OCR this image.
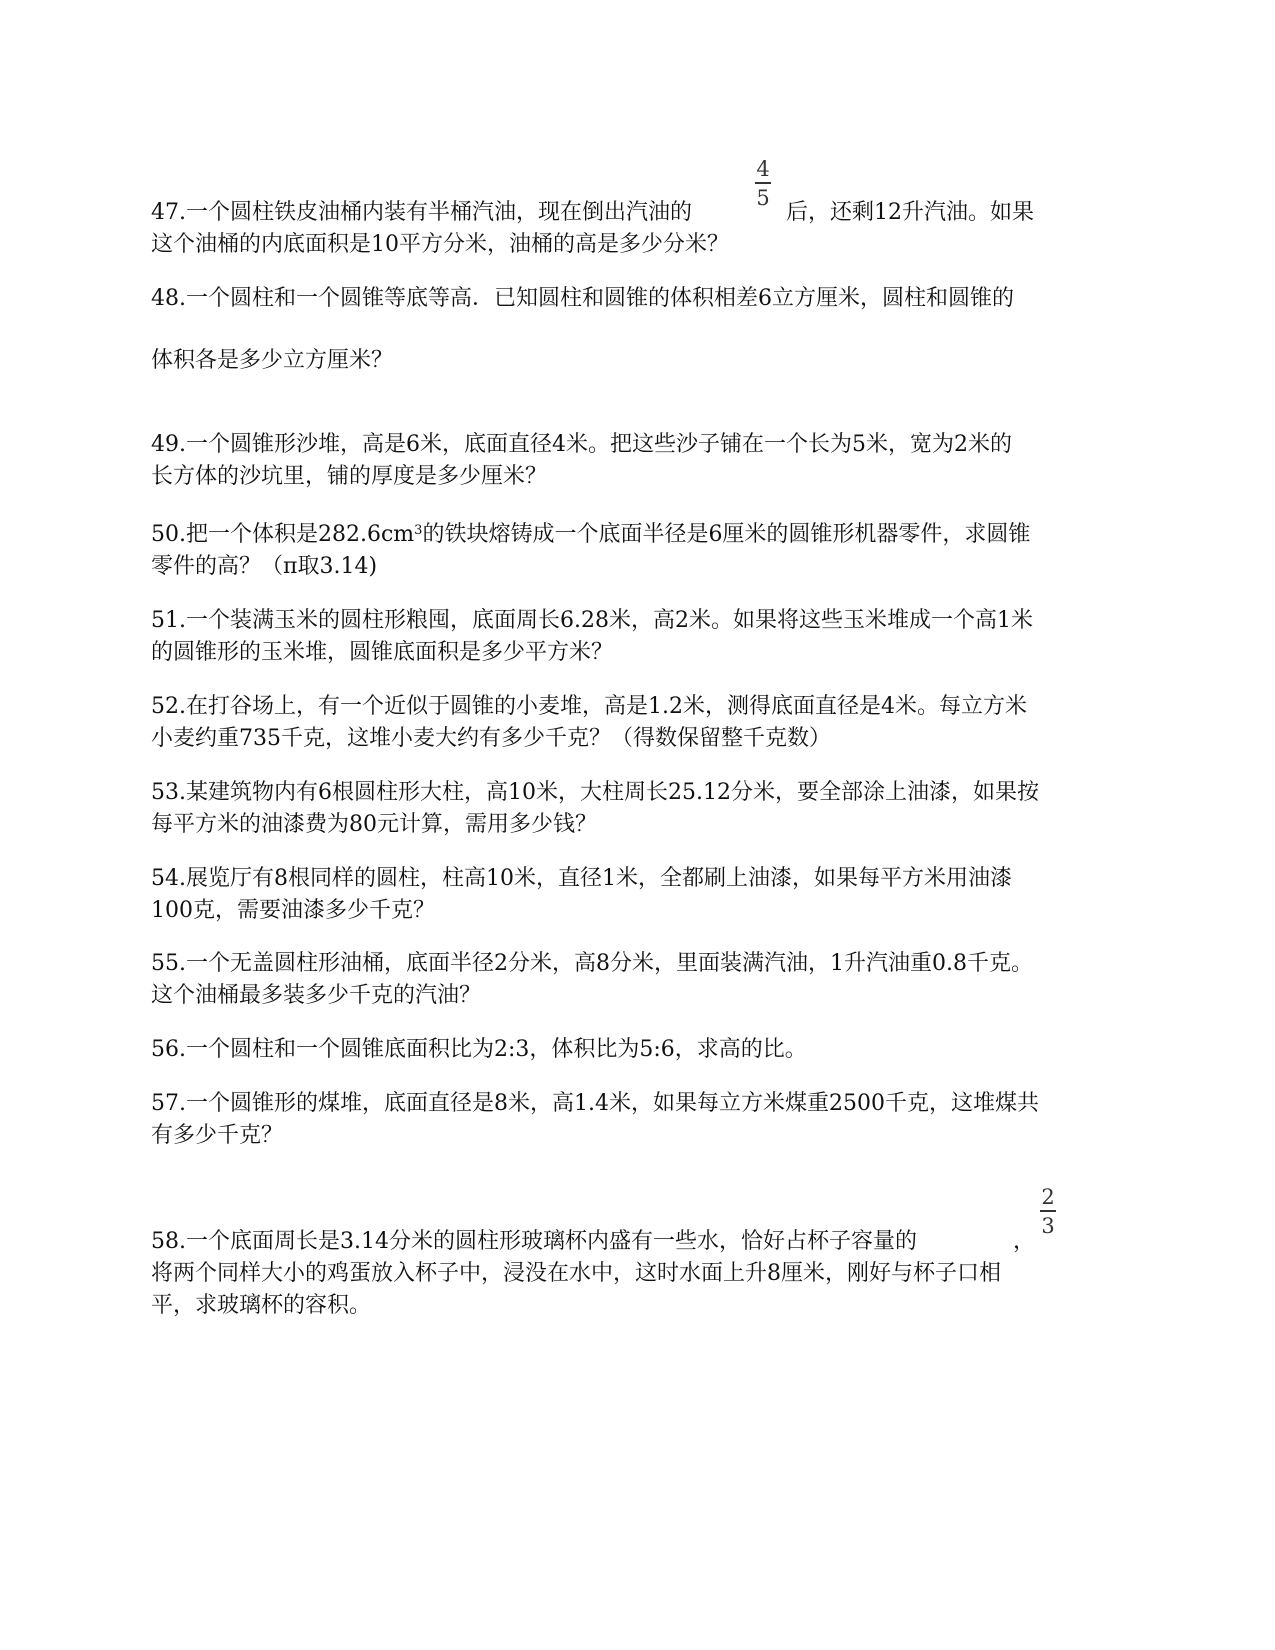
4
5
47.一个圆柱铁皮油桶内装有半桶汽油，现在倒出汽油的	后，还剩12升汽油。如果
这个油桶的内底面积是10平方分米，油桶的高是多少分米？
48.一个圆柱和一个圆锥等底等高．已知圆柱和圆锥的体积相差6立方厘米，圆柱和圆锥的
体积各是多少立方厘米？
49.一个圆锥形沙堆，高是6米，底面直径4米。把这些沙子铺在一个长为5米，宽为2米的
长方体的沙坑里，铺的厚度是多少厘米？
50.把一个体积是$282.6cm^3$的铁块熔铸成一个底面半径是6厘米的圆锥形机器零件，求圆锥
零件的高？（π取3.14)
51.一个装满玉米的圆柱形粮囤，底面周长6.28米，高2米。如果将这些玉米堆成一个高1米
的圆锥形的玉米堆，圆锥底面积是多少平方米？
52.在打谷场上，有一个近似于圆锥的小麦堆，高是1.2米，测得底面直径是4米。每立方米
小麦约重735千克，这堆小麦大约有多少千克？（得数保留整千克数）
53.某建筑物内有6根圆柱形大柱，高10米，大柱周长25.12分米，要全部涂上油漆，如果按
每平方米的油漆费为80元计算，需用多少钱？
54.展览厅有8根同样的圆柱，柱高10米，直径1米，全都刷上油漆，如果每平方米用油漆
100克，需要油漆多少千克？
55.一个无盖圆柱形油桶，底面半径2分米，高8分米，里面装满汽油，1升汽油重0.8千克。
这个油桶最多装多少千克的汽油？
56.一个圆柱和一个圆锥底面积比为2:3，体积比为5:6，求高的比。
57.一个圆锥形的煤堆，底面直径是8米，高1.4米，如果每立方米煤重2500千克，这堆煤共
有多少千克？
2
3
58.一个底面周长是3.14分米的圆柱形玻璃杯内盛有一些水，恰好占杯子容量的	，
将两个同样大小的鸡蛋放入杯子中，浸没在水中，这时水面上升8厘米，刚好与杯子口相
平，求玻璃杯的容积。
